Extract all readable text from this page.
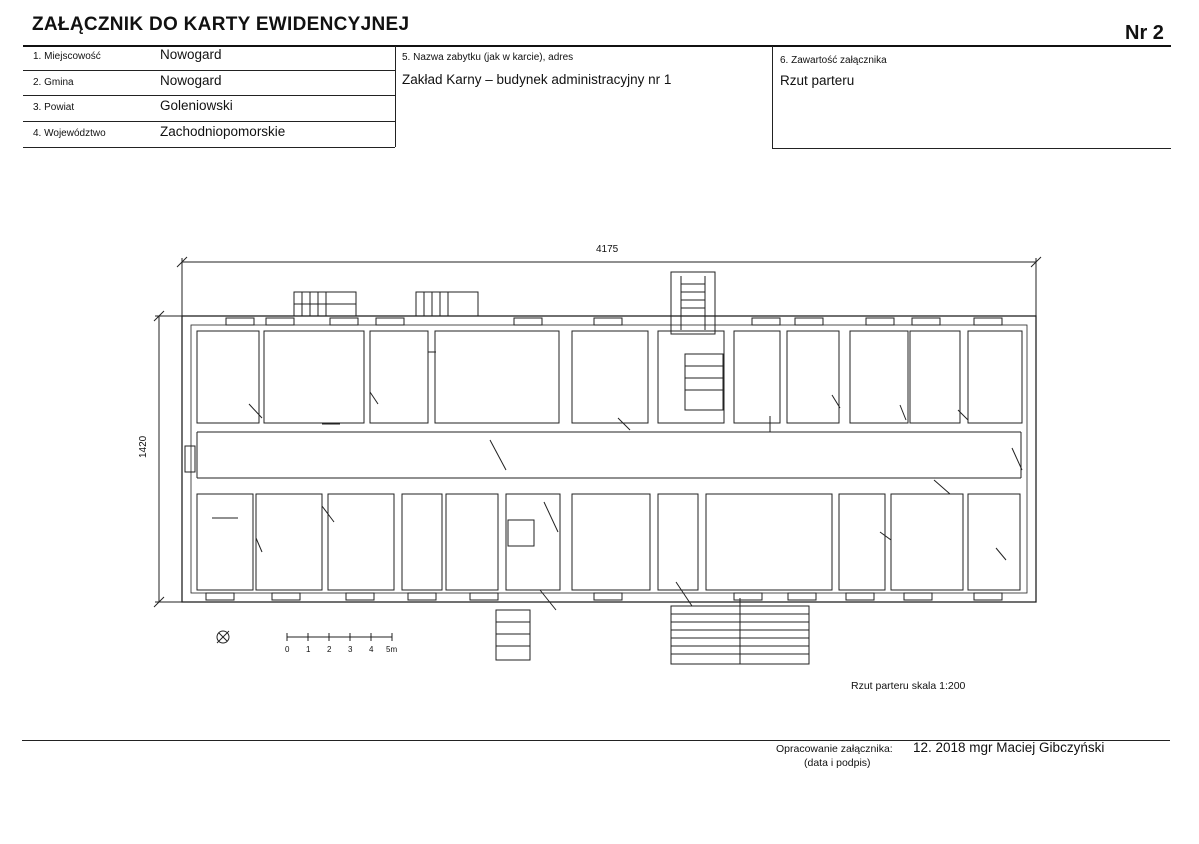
ZAŁĄCZNIK DO KARTY EWIDENCYJNEJ	Nr 2
1. Miejscowość	Nowogard
2. Gmina	Nowogard
3. Powiat	Goleniowski
4. Województwo	Zachodniopomorskie
5. Nazwa zabytku (jak w karcie), adres
Zakład Karny – budynek administracyjny nr 1
6. Zawartość załącznika
Rzut parteru
4175
1420
0 1 2 3 4 5m
Rzut parteru skala 1:200
Opracowanie załącznika:
(data i podpis)
12. 2018 mgr Maciej Gibczyński
